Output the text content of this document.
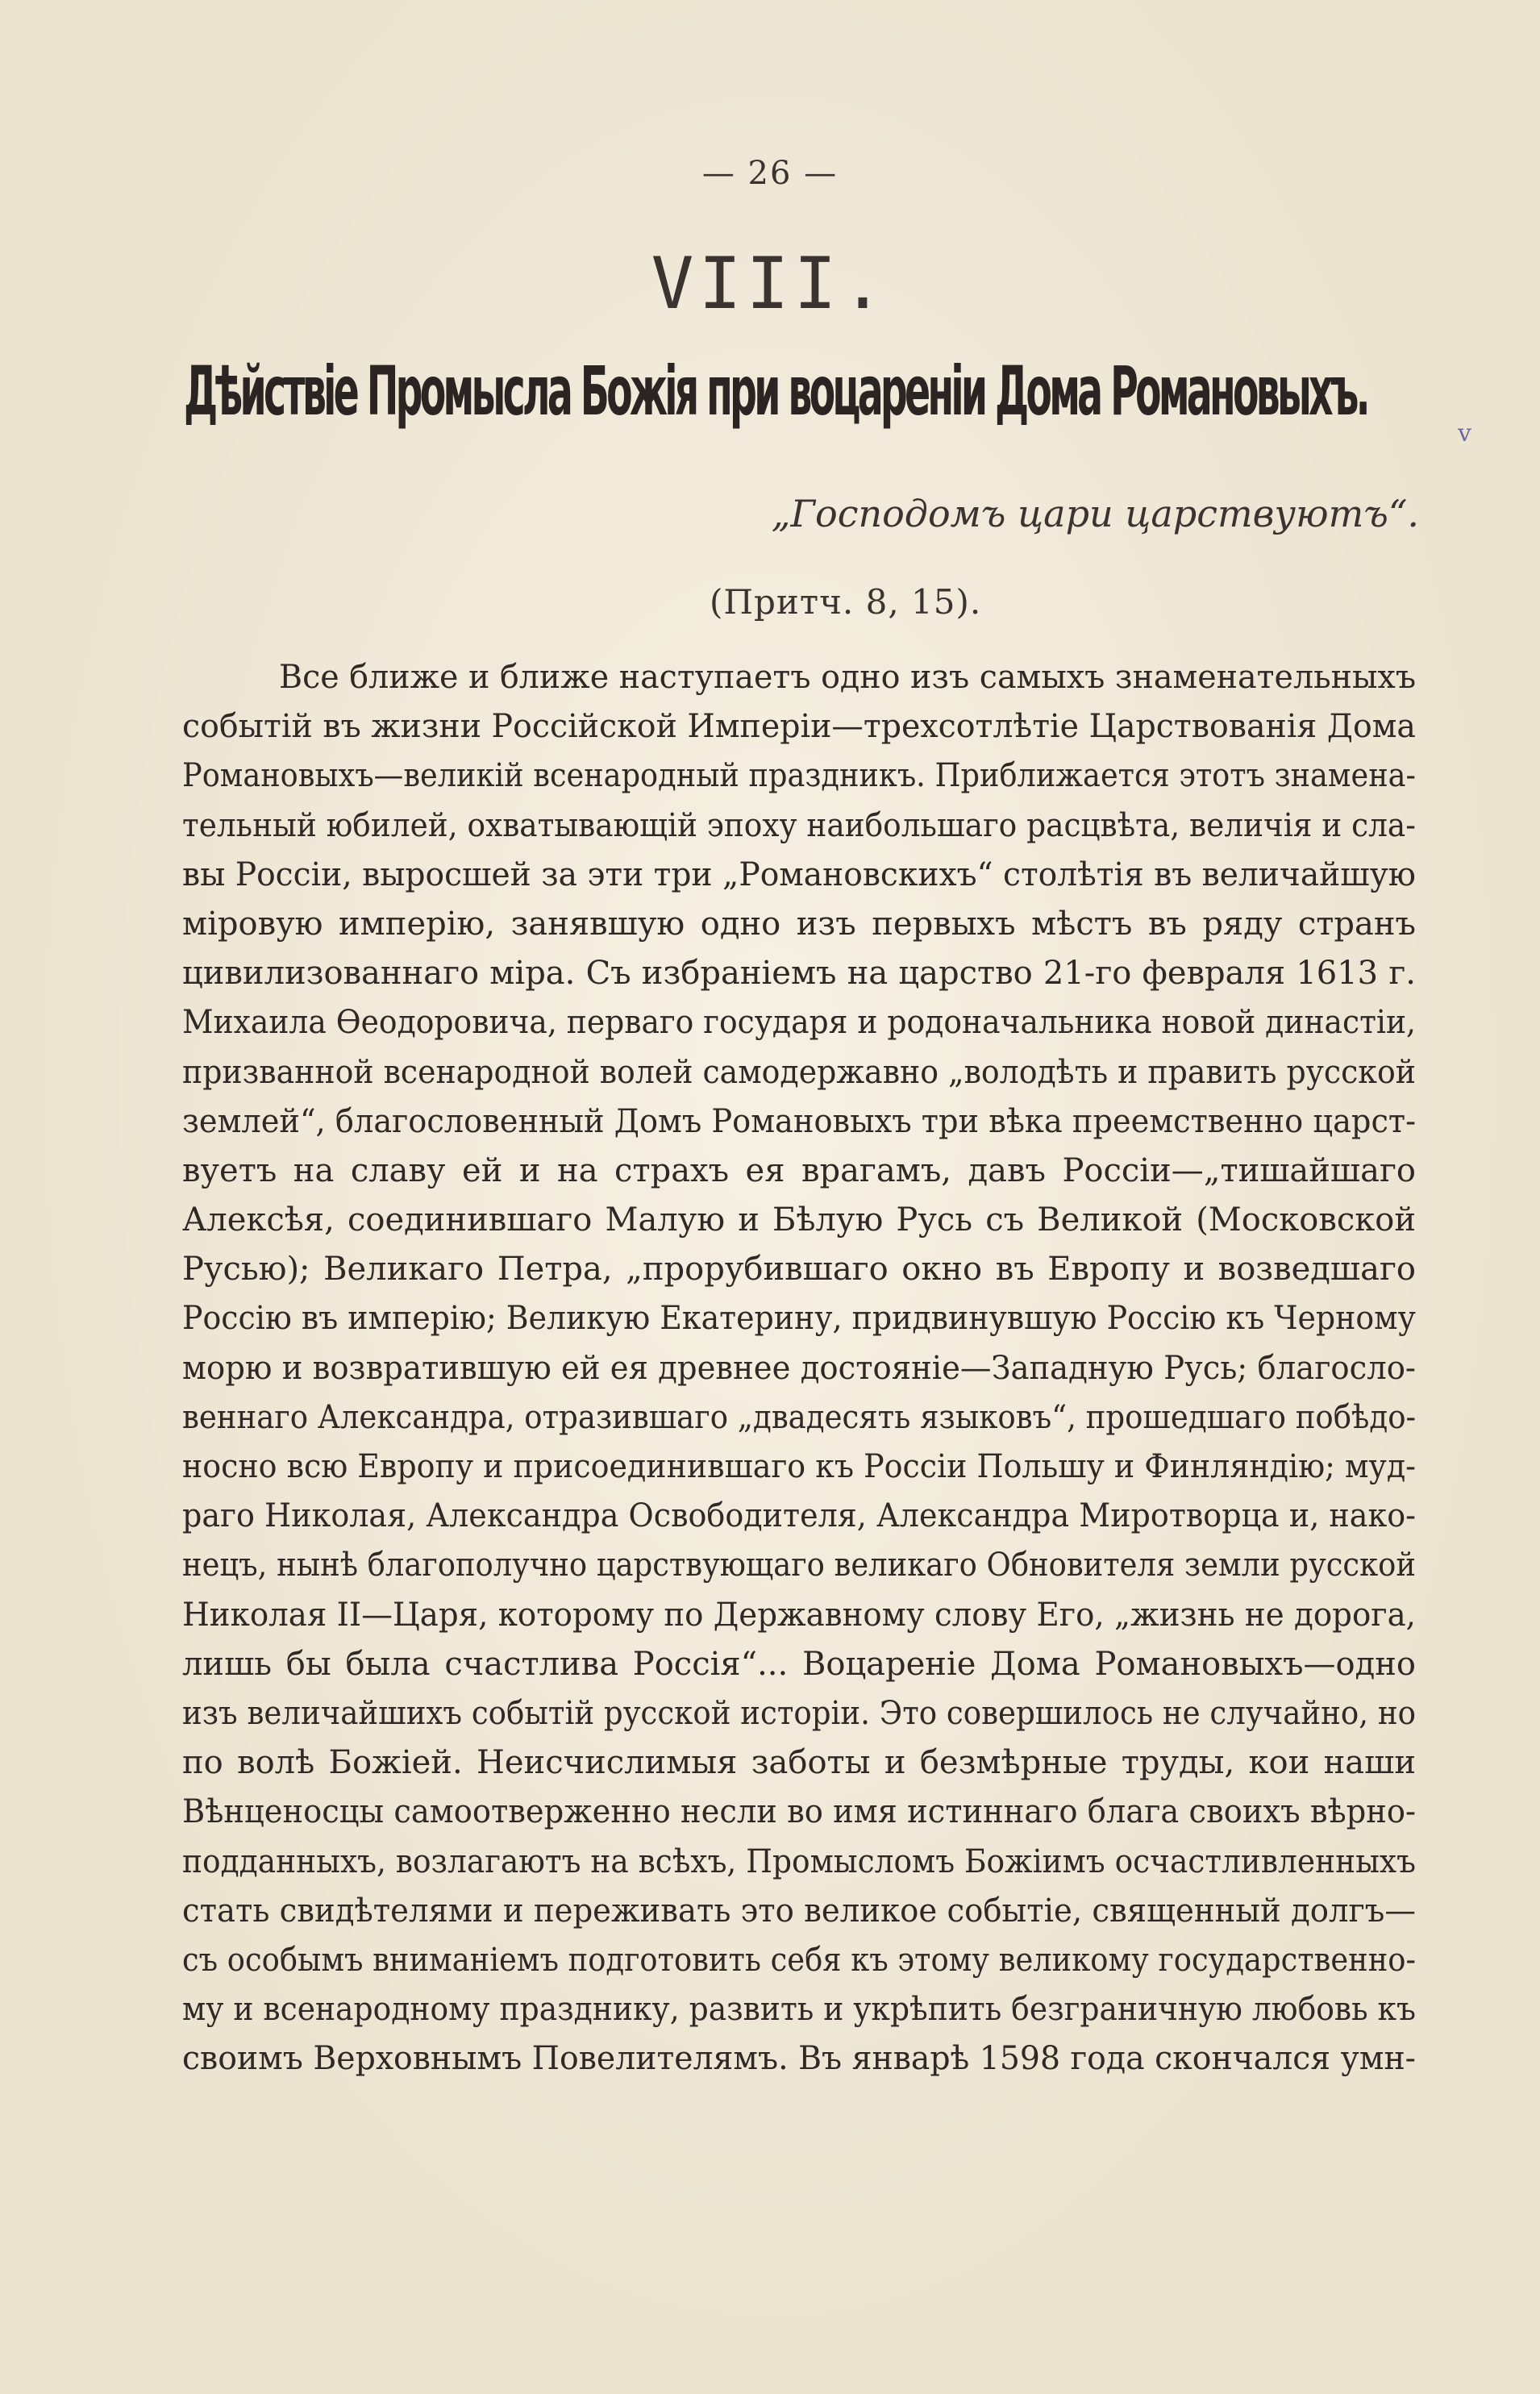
— 26 —
VIII.
Дѣйствіе Промысла Божія при воцареніи Дома Романовыхъ.
v
„Господомъ цари царствуютъ“.
(Притч. 8, 15).
Все ближе и ближе наступаетъ одно изъ самыхъ знаменательныхъ
событій въ жизни Россійской Имперіи—трехсотлѣтіе Царствованія Дома
Романовыхъ—великій всенародный праздникъ. Приближается этотъ знамена-
тельный юбилей, охватывающій эпоху наибольшаго расцвѣта, величія и сла-
вы Россіи, выросшей за эти три „Романовскихъ“ столѣтія въ величайшую
міровую имперію, занявшую одно изъ первыхъ мѣстъ въ ряду странъ
цивилизованнаго міра. Съ избраніемъ на царство 21-го февраля 1613 г.
Михаила Ѳеодоровича, перваго государя и родоначальника новой династіи,
призванной всенародной волей самодержавно „володѣть и править русской
землей“, благословенный Домъ Романовыхъ три вѣка преемственно царст-
вуетъ на славу ей и на страхъ ея врагамъ, давъ Россіи—„тишайшаго
Алексѣя, соединившаго Малую и Бѣлую Русь съ Великой (Московской
Русью); Великаго Петра, „прорубившаго окно въ Европу и возведшаго
Россію въ имперію; Великую Екатерину, придвинувшую Россію къ Черному
морю и возвратившую ей ея древнее достояніе—Западную Русь; благосло-
веннаго Александра, отразившаго „двадесять языковъ“, прошедшаго побѣдо-
носно всю Европу и присоединившаго къ Россіи Польшу и Финляндію; муд-
раго Николая, Александра Освободителя, Александра Миротворца и, нако-
нецъ, нынѣ благополучно царствующаго великаго Обновителя земли русской
Николая II—Царя, которому по Державному слову Его, „жизнь не дорога,
лишь бы была счастлива Россія“... Воцареніе Дома Романовыхъ—одно
изъ величайшихъ событій русской исторіи. Это совершилось не случайно, но
по волѣ Божіей. Неисчислимыя заботы и безмѣрные труды, кои наши
Вѣнценосцы самоотверженно несли во имя истиннаго блага своихъ вѣрно-
подданныхъ, возлагаютъ на всѣхъ, Промысломъ Божіимъ осчастливленныхъ
стать свидѣтелями и переживать это великое событіе, священный долгъ—
съ особымъ вниманіемъ подготовить себя къ этому великому государственно-
му и всенародному празднику, развить и укрѣпить безграничную любовь къ
своимъ Верховнымъ Повелителямъ. Въ январѣ 1598 года скончался умн-
